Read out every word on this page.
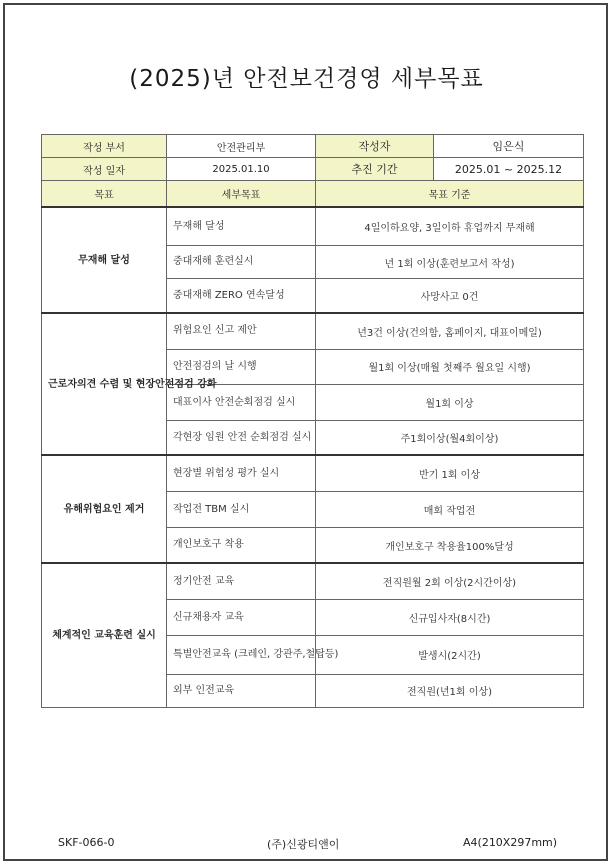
(2025)년 안전보건경영 세부목표
작성 부서	안전관리부	작성자 임은식

작성 일자	2025.01.10	추진 기간 2025.01 ~ 2025.12

목표	세부목표	목표 기준
무재해 달성	무재해 달성	4일이하요양, 3일이하 휴업까지 무재해
	중대재해 훈련실시	년 1회 이상(훈련보고서 작성)
	중대재해 ZERO 연속달성	사망사고 0건
근로자의견 수렴 및 현장안전점검 강화	위험요인 신고 제안	년3건 이상(건의함, 홈페이지, 대표이메일)
	안전점검의 날 시행	월1회 이상(매월 첫째주 월요일 시행)
	대표이사 안전순회점검 실시	월1회 이상
	각현장 임원 안전 순회점검 실시	주1회이상(월4회이상)
유해위험요인 제거	현장별 위험성 평가 실시	반기 1회 이상
	작업전 TBM 실시	매회 작업전
	개인보호구 착용	개인보호구 착용율100%달성
체계적인 교육훈련 실시	정기안전 교육	전직원월 2회 이상(2시간이상)
	신규채용자 교육	신규입사자(8시간)
	특별안전교육 (크레인, 강관주,철탑등)	발생시(2시간)
	외부 인전교육	전직원(년1회 이상)
SKF-066-0	(주)신광티앤이	A4(210X297mm)
